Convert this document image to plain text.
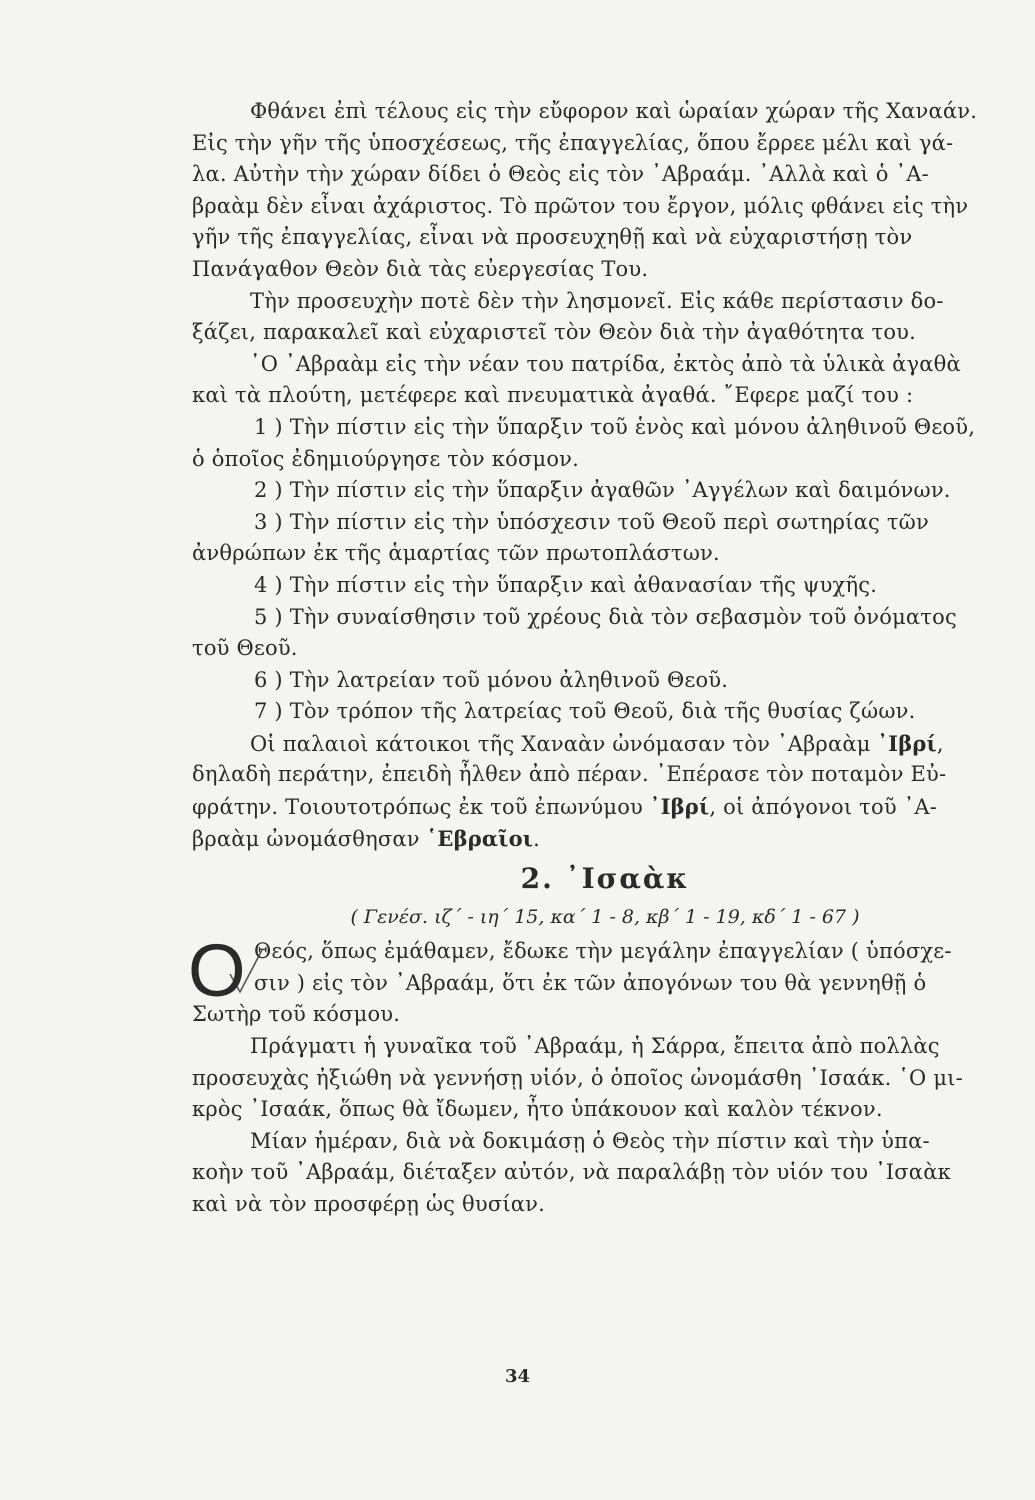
Φθάνει ἐπὶ τέλους εἰς τὴν εὔφορον καὶ ὡραίαν χώραν τῆς Χαναάν.
Εἰς τὴν γῆν τῆς ὑποσχέσεως, τῆς ἐπαγγελίας, ὅπου ἔρρεε μέλι καὶ γά-
λα. Αὐτὴν τὴν χώραν δίδει ὁ Θεὸς εἰς τὸν ᾿Αβραάμ. ᾿Αλλὰ καὶ ὁ ᾿Α-
βραὰμ δὲν εἶναι ἀχάριστος. Τὸ πρῶτον του ἔργον, μόλις φθάνει εἰς τὴν
γῆν τῆς ἐπαγγελίας, εἶναι νὰ προσευχηθῇ καὶ νὰ εὐχαριστήσῃ τὸν
Πανάγαθον Θεὸν διὰ τὰς εὐεργεσίας Του.
Τὴν προσευχὴν ποτὲ δὲν τὴν λησμονεῖ. Εἰς κάθε περίστασιν δο-
ξάζει, παρακαλεῖ καὶ εὐχαριστεῖ τὸν Θεὸν διὰ τὴν ἀγαθότητα του.
῾Ο ᾿Αβραὰμ εἰς τὴν νέαν του πατρίδα, ἐκτὸς ἀπὸ τὰ ὑλικὰ ἀγαθὰ
καὶ τὰ πλούτη, μετέφερε καὶ πνευματικὰ ἀγαθά. ῎Εφερε μαζί του :
1 ) Τὴν πίστιν εἰς τὴν ὕπαρξιν τοῦ ἑνὸς καὶ μόνου ἀληθινοῦ Θεοῦ,
ὁ ὁποῖος ἐδημιούργησε τὸν κόσμον.
2 ) Τὴν πίστιν εἰς τὴν ὕπαρξιν ἀγαθῶν ᾿Αγγέλων καὶ δαιμόνων.
3 ) Τὴν πίστιν εἰς τὴν ὑπόσχεσιν τοῦ Θεοῦ περὶ σωτηρίας τῶν
ἀνθρώπων ἐκ τῆς ἁμαρτίας τῶν πρωτοπλάστων.
4 ) Τὴν πίστιν εἰς τὴν ὕπαρξιν καὶ ἀθανασίαν τῆς ψυχῆς.
5 ) Τὴν συναίσθησιν τοῦ χρέους διὰ τὸν σεβασμὸν τοῦ ὀνόματος
τοῦ Θεοῦ.
6 ) Τὴν λατρείαν τοῦ μόνου ἀληθινοῦ Θεοῦ.
7 ) Τὸν τρόπον τῆς λατρείας τοῦ Θεοῦ, διὰ τῆς θυσίας ζώων.
Οἱ παλαιοὶ κάτοικοι τῆς Χαναὰν ὠνόμασαν τὸν ᾿Αβραὰμ ᾿Ιβρί,
δηλαδὴ περάτην, ἐπειδὴ ἦλθεν ἀπὸ πέραν. ᾿Επέρασε τὸν ποταμὸν Εὐ-
φράτην. Τοιουτοτρόπως ἐκ τοῦ ἐπωνύμου ᾿Ιβρί, οἱ ἀπόγονοι τοῦ ᾿Α-
βραὰμ ὠνομάσθησαν ῾Εβραῖοι.
2. ᾿Ισαὰκ
( Γενέσ. ιζ΄ - ιη΄ 15, κα΄ 1 - 8, κβ΄ 1 - 19, κδ΄ 1 - 67 )
Ο Θεός, ὅπως ἐμάθαμεν, ἔδωκε τὴν μεγάλην ἐπαγγελίαν ( ὑπόσχε-
σιν ) εἰς τὸν ᾿Αβραάμ, ὅτι ἐκ τῶν ἀπογόνων του θὰ γεννηθῇ ὁ
Σωτὴρ τοῦ κόσμου.
Πράγματι ἡ γυναῖκα τοῦ ᾿Αβραάμ, ἡ Σάρρα, ἔπειτα ἀπὸ πολλὰς
προσευχὰς ἠξιώθη νὰ γεννήσῃ υἱόν, ὁ ὁποῖος ὠνομάσθη ᾿Ισαάκ. ῾Ο μι-
κρὸς ᾿Ισαάκ, ὅπως θὰ ἴδωμεν, ἦτο ὑπάκουον καὶ καλὸν τέκνον.
Μίαν ἡμέραν, διὰ νὰ δοκιμάσῃ ὁ Θεὸς τὴν πίστιν καὶ τὴν ὑπα-
κοὴν τοῦ ᾿Αβραάμ, διέταξεν αὐτόν, νὰ παραλάβῃ τὸν υἱόν του ᾿Ισαὰκ
καὶ νὰ τὸν προσφέρῃ ὡς θυσίαν.
34
